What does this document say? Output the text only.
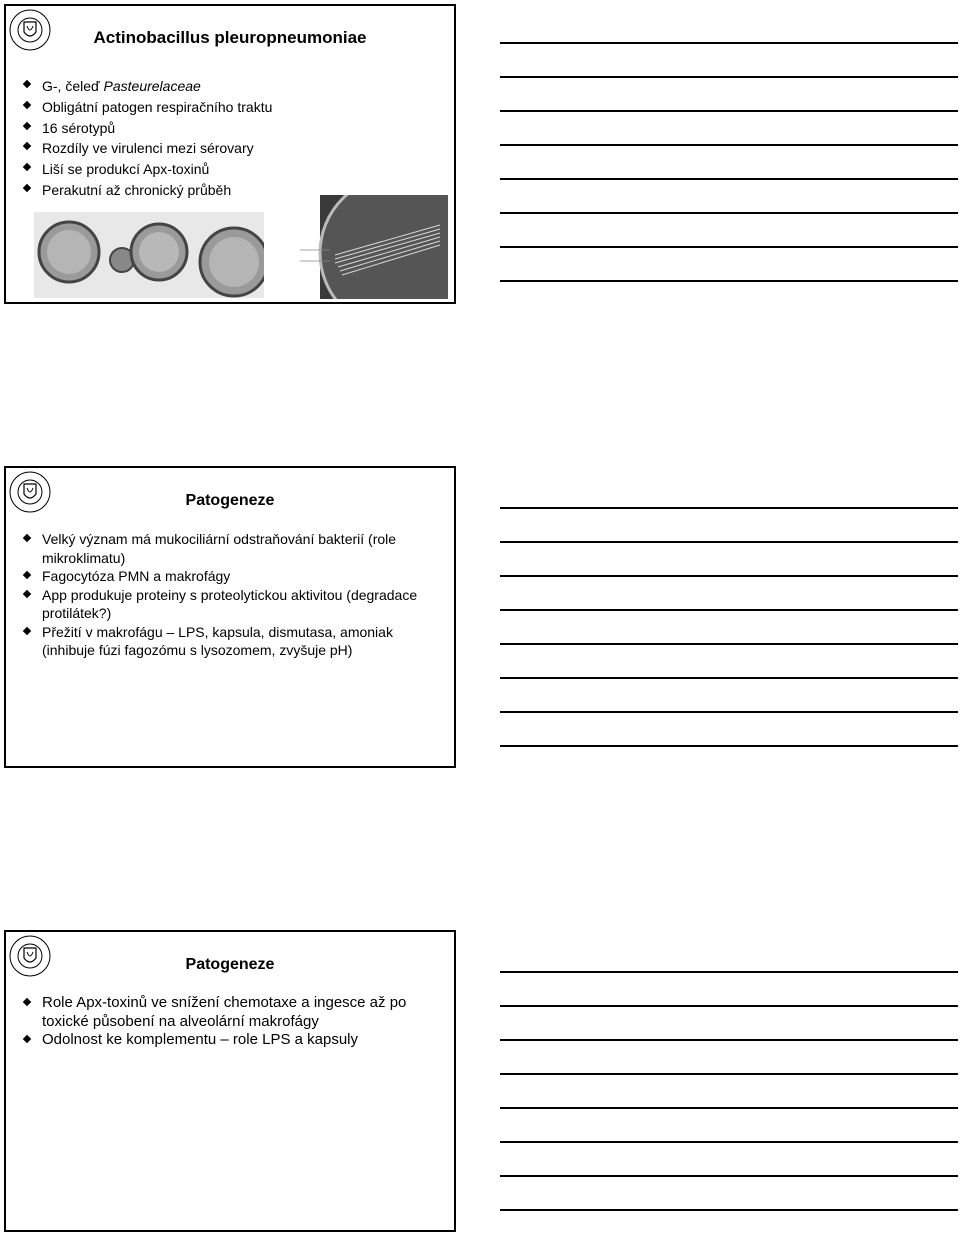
Actinobacillus pleuropneumoniae
G-, čeleď Pasteurelaceae
Obligátní patogen respiračního traktu
16 sérotypů
Rozdíly ve virulenci mezi sérovary
Liší se produkcí Apx-toxinů
Perakutní až chronický průběh
Patogeneze
Velký význam má mukociliární odstraňování bakterií (role mikroklimatu)
Fagocytóza PMN a makrofágy
App produkuje proteiny s proteolytickou aktivitou (degradace protilátek?)
Přežití v makrofágu – LPS, kapsula, dismutasa, amoniak (inhibuje fúzi fagozómu s lysozomem, zvyšuje pH)
Patogeneze
Role Apx-toxinů ve snížení chemotaxe a ingesce až po toxické působení na alveolární makrofágy
Odolnost ke komplementu – role LPS a kapsuly
